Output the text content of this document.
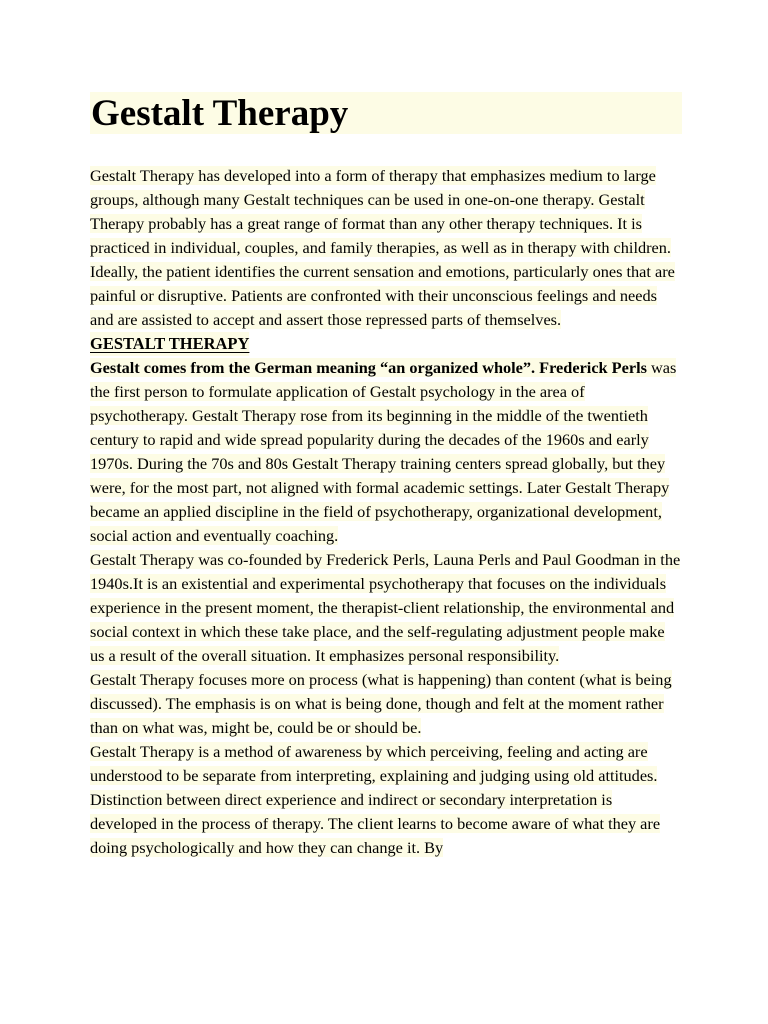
Gestalt Therapy

Gestalt Therapy has developed into a form of therapy that emphasizes medium to large groups, although many Gestalt techniques can be used in one-on-one therapy. Gestalt Therapy probably has a great range of format than any other therapy techniques. It is practiced in individual, couples, and family therapies, as well as in therapy with children.

Ideally, the patient identifies the current sensation and emotions, particularly ones that are painful or disruptive. Patients are confronted with their unconscious feelings and needs and are assisted to accept and assert those repressed parts of themselves.

GESTALT THERAPY

Gestalt comes from the German meaning “an organized whole”. Frederick Perls was the first person to formulate application of Gestalt psychology in the area of psychotherapy. Gestalt Therapy rose from its beginning in the middle of the twentieth century to rapid and wide spread popularity during the decades of the 1960s and early 1970s. During the 70s and 80s Gestalt Therapy training centers spread globally, but they were, for the most part, not aligned with formal academic settings. Later Gestalt Therapy became an applied discipline in the field of psychotherapy, organizational development, social action and eventually coaching.

Gestalt Therapy was co-founded by Frederick Perls, Launa Perls and Paul Goodman in the 1940s.It is an existential and experimental psychotherapy that focuses on the individuals experience in the present moment, the therapist-client relationship, the environmental and social context in which these take place, and the self-regulating adjustment people make us a result of the overall situation. It emphasizes personal responsibility.

Gestalt Therapy focuses more on process (what is happening) than content (what is being discussed). The emphasis is on what is being done, though and felt at the moment rather than on what was, might be, could be or should be.

Gestalt Therapy is a method of awareness by which perceiving, feeling and acting are understood to be separate from interpreting, explaining and judging using old attitudes. Distinction between direct experience and indirect or secondary interpretation is developed in the process of therapy. The client learns to become aware of what they are doing psychologically and how they can change it. By
